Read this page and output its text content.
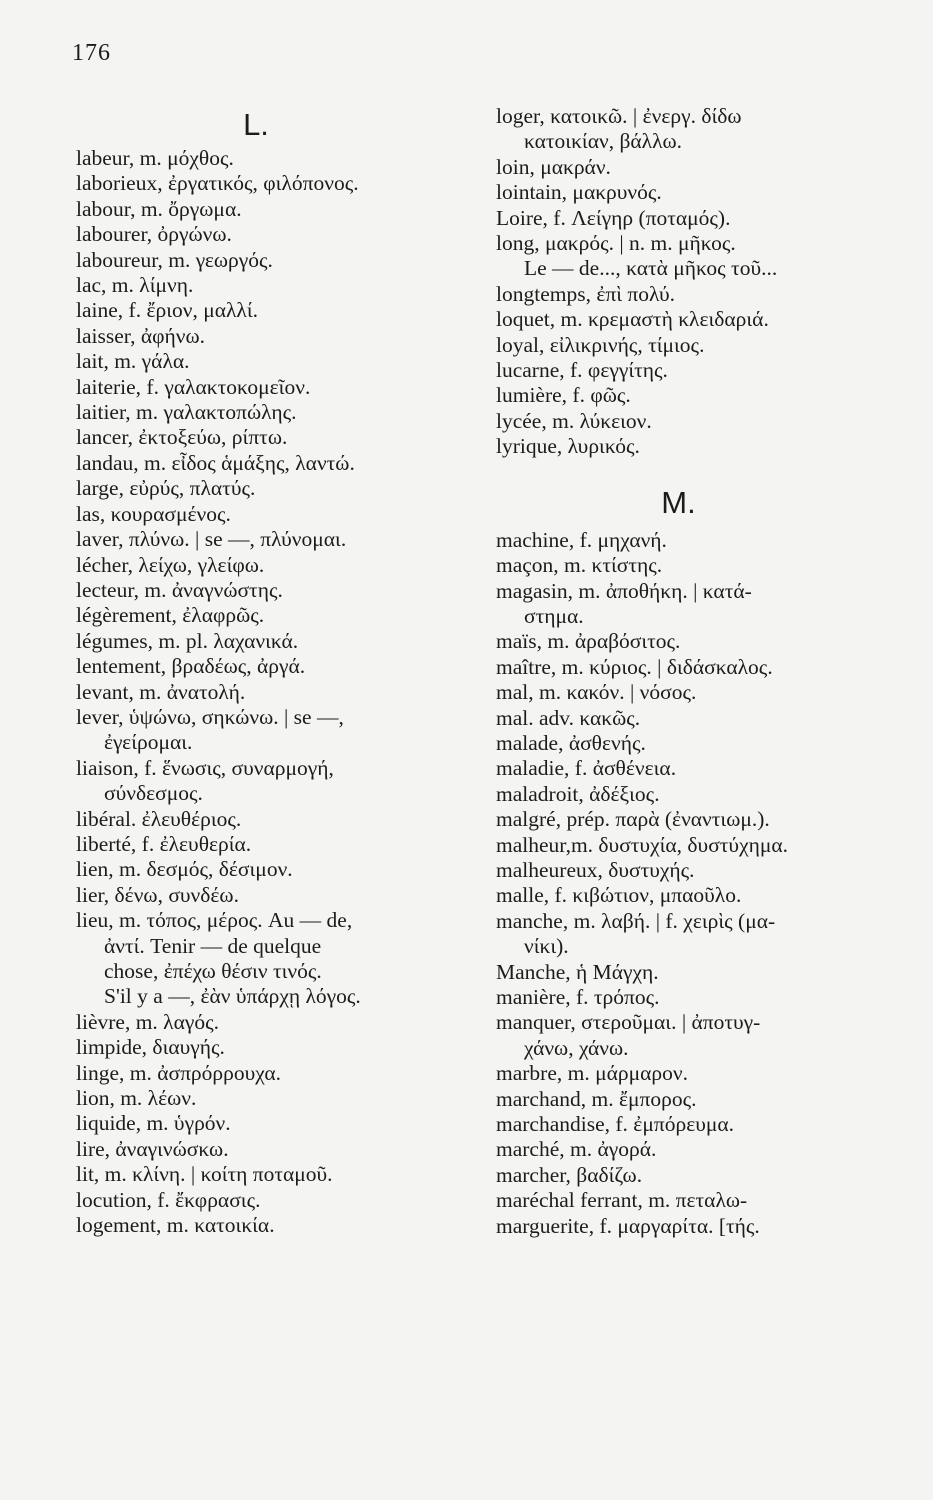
176
L.
labeur, m. μόχθος.
laborieux, ἐργατικός, φιλόπονος.
labour, m. ὄργωμα.
labourer, ὀργώνω.
laboureur, m. γεωργός.
lac, m. λίμνη.
laine, f. ἔριον, μαλλί.
laisser, ἀφήνω.
lait, m. γάλα.
laiterie, f. γαλακτοκομεῖον.
laitier, m. γαλακτοπώλης.
lancer, ἐκτοξεύω, ρίπτω.
landau, m. εἶδος ἁμάξης, λαντώ.
large, εὐρύς, πλατύς.
las, κουρασμένος.
laver, πλύνω. | se —, πλύνομαι.
lécher, λείχω, γλείφω.
lecteur, m. ἀναγνώστης.
légèrement, ἐλαφρῶς.
légumes, m. pl. λαχανικά.
lentement, βραδέως, ἀργά.
levant, m. ἀνατολή.
lever, ὑψώνω, σηκώνω. | se —,
ἐγείρομαι.
liaison, f. ἕνωσις, συναρμογή,
σύνδεσμος.
libéral. ἐλευθέριος.
liberté, f. ἐλευθερία.
lien, m. δεσμός, δέσιμον.
lier, δένω, συνδέω.
lieu, m. τόπος, μέρος. Au — de,
ἀντί. Tenir — de quelque
chose, ἐπέχω θέσιν τινός.
S'il y a —, ἐὰν ὑπάρχῃ λόγος.
lièvre, m. λαγός.
limpide, διαυγής.
linge, m. ἀσπρόρρουχα.
lion, m. λέων.
liquide, m. ὑγρόν.
lire, ἀναγινώσκω.
lit, m. κλίνη. | κοίτη ποταμοῦ.
locution, f. ἔκφρασις.
logement, m. κατοικία.
loger, κατοικῶ. | ἐνεργ. δίδω
κατοικίαν, βάλλω.
loin, μακράν.
lointain, μακρυνός.
Loire, f. Λείγηρ (ποταμός).
long, μακρός. | n. m. μῆκος.
Le — de..., κατὰ μῆκος τοῦ...
longtemps, ἐπὶ πολύ.
loquet, m. κρεμαστὴ κλειδαριά.
loyal, εἰλικρινής, τίμιος.
lucarne, f. φεγγίτης.
lumière, f. φῶς.
lycée, m. λύκειον.
lyrique, λυρικός.
M.
machine, f. μηχανή.
maçon, m. κτίστης.
magasin, m. ἀποθήκη. | κατά-
στημα.
maïs, m. ἀραβόσιτος.
maître, m. κύριος. | διδάσκαλος.
mal, m. κακόν. | νόσος.
mal. adv. κακῶς.
malade, ἀσθενής.
maladie, f. ἀσθένεια.
maladroit, ἀδέξιος.
malgré, prép. παρὰ (ἐναντιωμ.).
malheur,m. δυστυχία, δυστύχημα.
malheureux, δυστυχής.
malle, f. κιβώτιον, μπαοῦλο.
manche, m. λαβή. | f. χειρὶς (μα-
νίκι).
Manche, ἡ Μάγχη.
manière, f. τρόπος.
manquer, στεροῦμαι. | ἀποτυγ-
χάνω, χάνω.
marbre, m. μάρμαρον.
marchand, m. ἔμπορος.
marchandise, f. ἐμπόρευμα.
marché, m. ἀγορά.
marcher, βαδίζω.
maréchal ferrant, m. πεταλω-
marguerite, f. μαργαρίτα. [τής.
